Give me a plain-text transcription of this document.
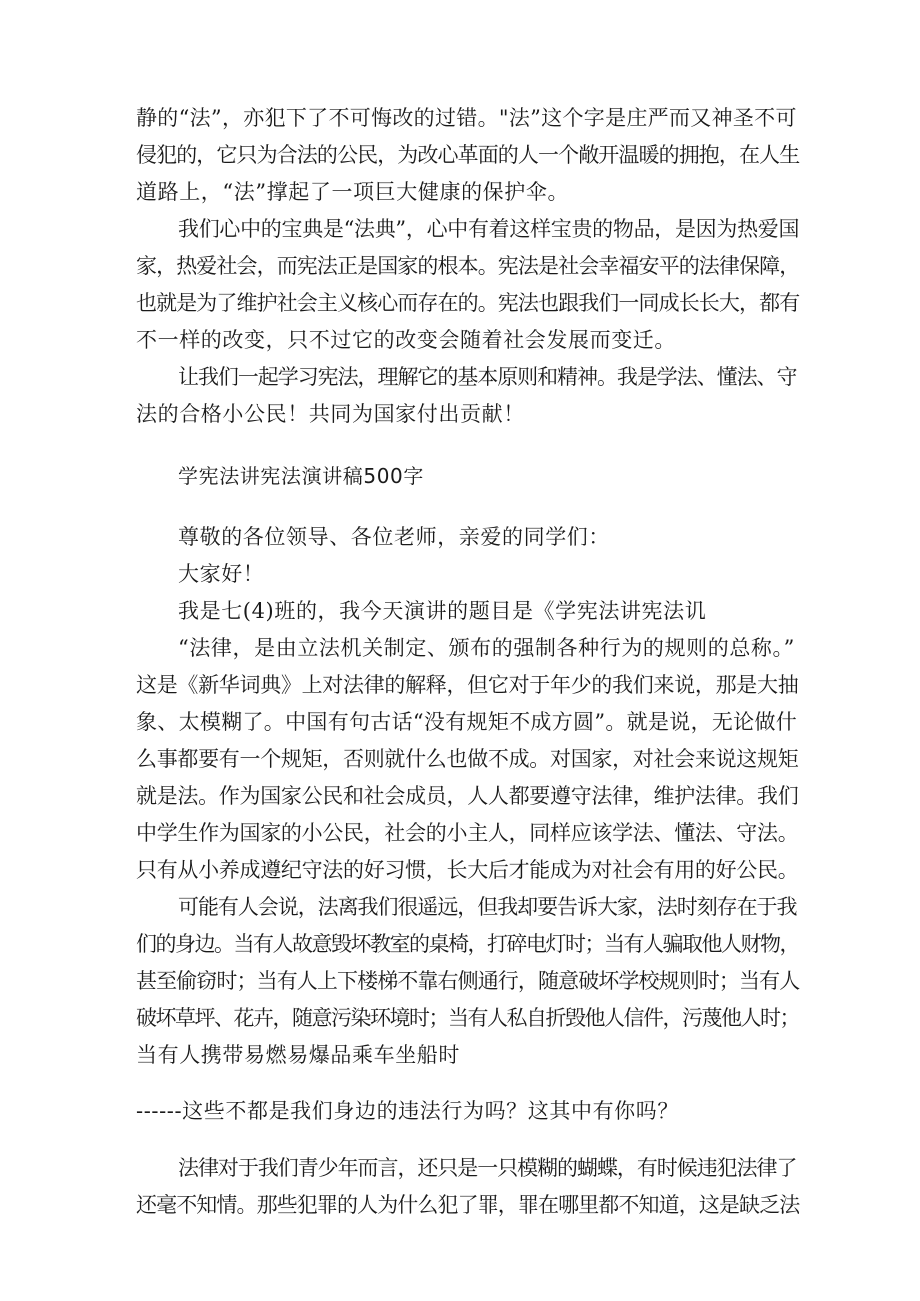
静的“法”，亦犯下了不可悔改的过错。"法”这个字是庄严而又神圣不可
侵犯的，它只为合法的公民，为改心革面的人一个敞开温暖的拥抱，在人生
道路上，“法”撑起了一项巨大健康的保护伞。
我们心中的宝典是“法典”，心中有着这样宝贵的物品，是因为热爱国
家，热爱社会，而宪法正是国家的根本。宪法是社会幸福安平的法律保障，
也就是为了维护社会主义核心而存在的。宪法也跟我们一同成长长大，都有
不一样的改变，只不过它的改变会随着社会发展而变迁。
让我们一起学习宪法，理解它的基本原则和精神。我是学法、懂法、守
法的合格小公民！共同为国家付出贡献！
学宪法讲宪法演讲稿500字
尊敬的各位领导、各位老师，亲爱的同学们：
大家好！
我是七(4)班的，我今天演讲的题目是《学宪法讲宪法讥
“法律，是由立法机关制定、颁布的强制各种行为的规则的总称。”
这是《新华词典》上对法律的解释，但它对于年少的我们来说，那是大抽
象、太模糊了。中国有句古话“没有规矩不成方圆”。就是说，无论做什
么事都要有一个规矩，否则就什么也做不成。对国家，对社会来说这规矩
就是法。作为国家公民和社会成员，人人都要遵守法律，维护法律。我们
中学生作为国家的小公民，社会的小主人，同样应该学法、懂法、守法。
只有从小养成遵纪守法的好习惯，长大后才能成为对社会有用的好公民。
可能有人会说，法离我们很遥远，但我却要告诉大家，法时刻存在于我
们的身边。当有人故意毁坏教室的桌椅，打碎电灯时；当有人骗取他人财物，
甚至偷窃时；当有人上下楼梯不靠右侧通行，随意破坏学校规则时；当有人
破坏草坪、花卉，随意污染环境时；当有人私自折毁他人信件，污蔑他人时；
当有人携带易燃易爆品乘车坐船时
------这些不都是我们身边的违法行为吗？这其中有你吗？
法律对于我们青少年而言，还只是一只模糊的蝴蝶，有时候违犯法律了
还毫不知情。那些犯罪的人为什么犯了罪，罪在哪里都不知道，这是缺乏法
